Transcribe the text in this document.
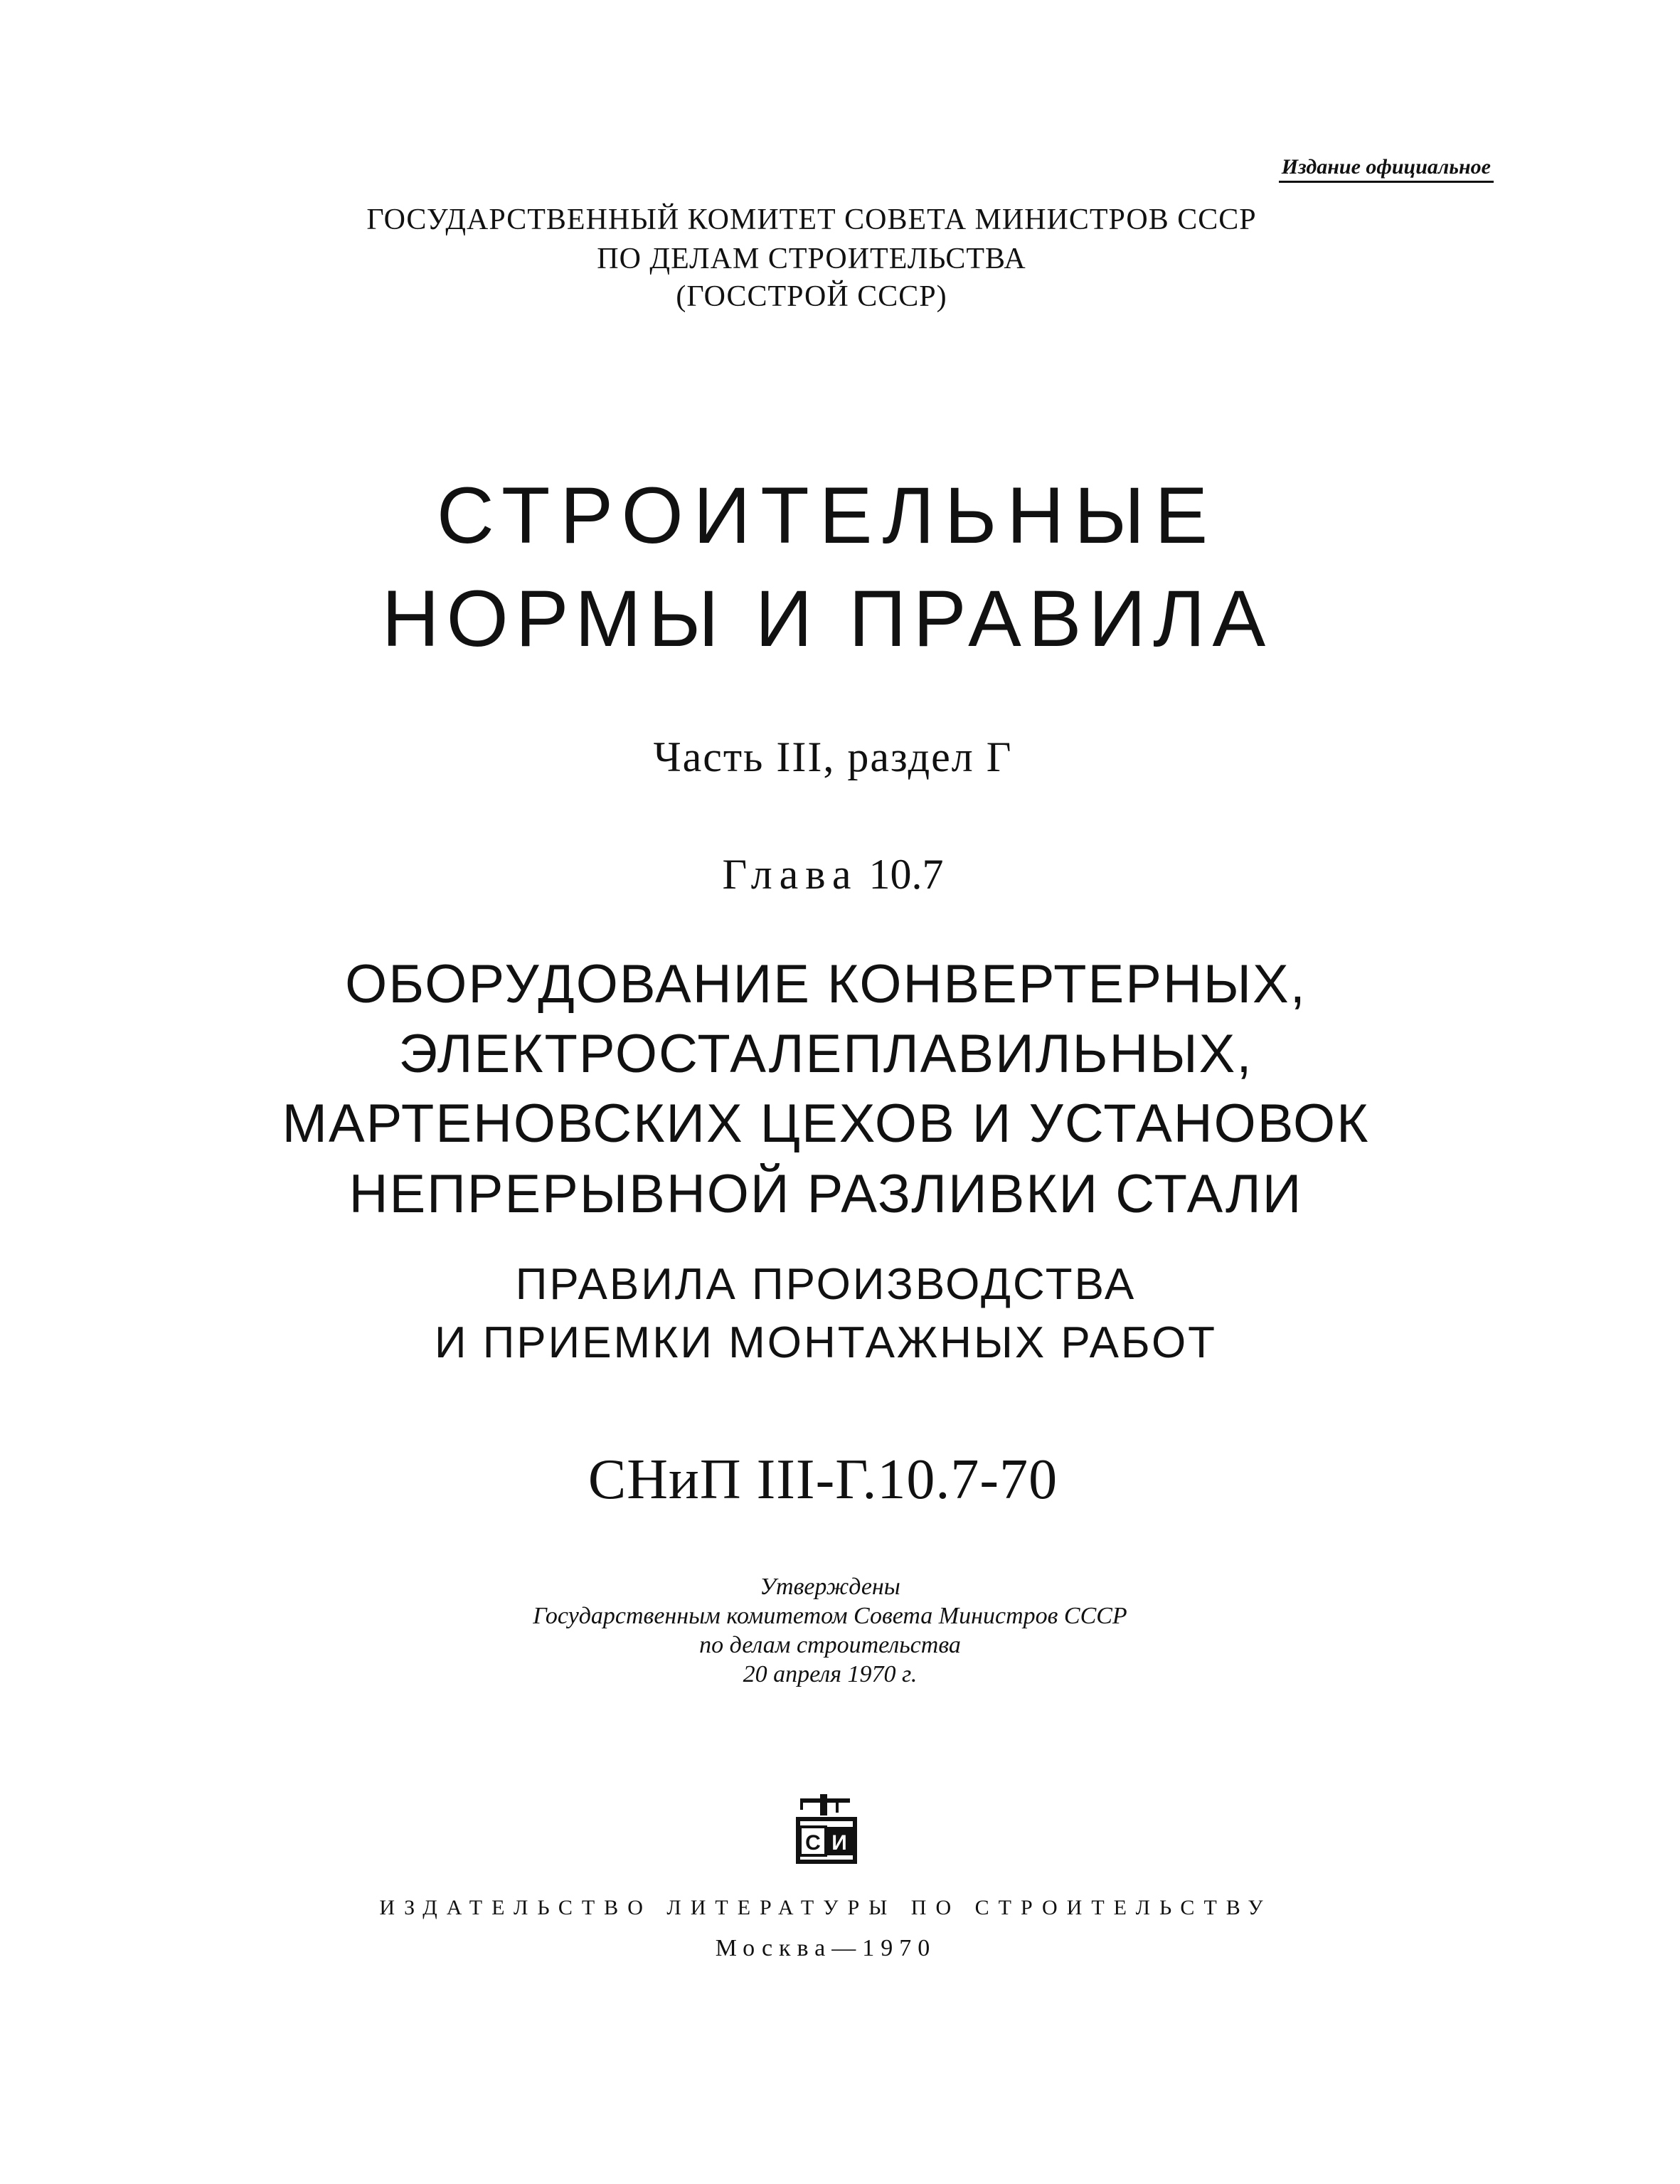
Издание официальное
ГОСУДАРСТВЕННЫЙ КОМИТЕТ СОВЕТА МИНИСТРОВ СССР
ПО ДЕЛАМ СТРОИТЕЛЬСТВА
(ГОССТРОЙ СССР)
СТРОИТЕЛЬНЫЕ
НОРМЫ И ПРАВИЛА
Часть III, раздел Г
Глава 10.7
ОБОРУДОВАНИЕ КОНВЕРТЕРНЫХ,
ЭЛЕКТРОСТАЛЕПЛАВИЛЬНЫХ,
МАРТЕНОВСКИХ ЦЕХОВ И УСТАНОВОК
НЕПРЕРЫВНОЙ РАЗЛИВКИ СТАЛИ
ПРАВИЛА ПРОИЗВОДСТВА
И ПРИЕМКИ МОНТАЖНЫХ РАБОТ
СНиП III-Г.10.7-70
Утверждены
Государственным комитетом Совета Министров СССР
по делам строительства
20 апреля 1970 г.
С И
ИЗДАТЕЛЬСТВО ЛИТЕРАТУРЫ ПО СТРОИТЕЛЬСТВУ
Москва—1970
